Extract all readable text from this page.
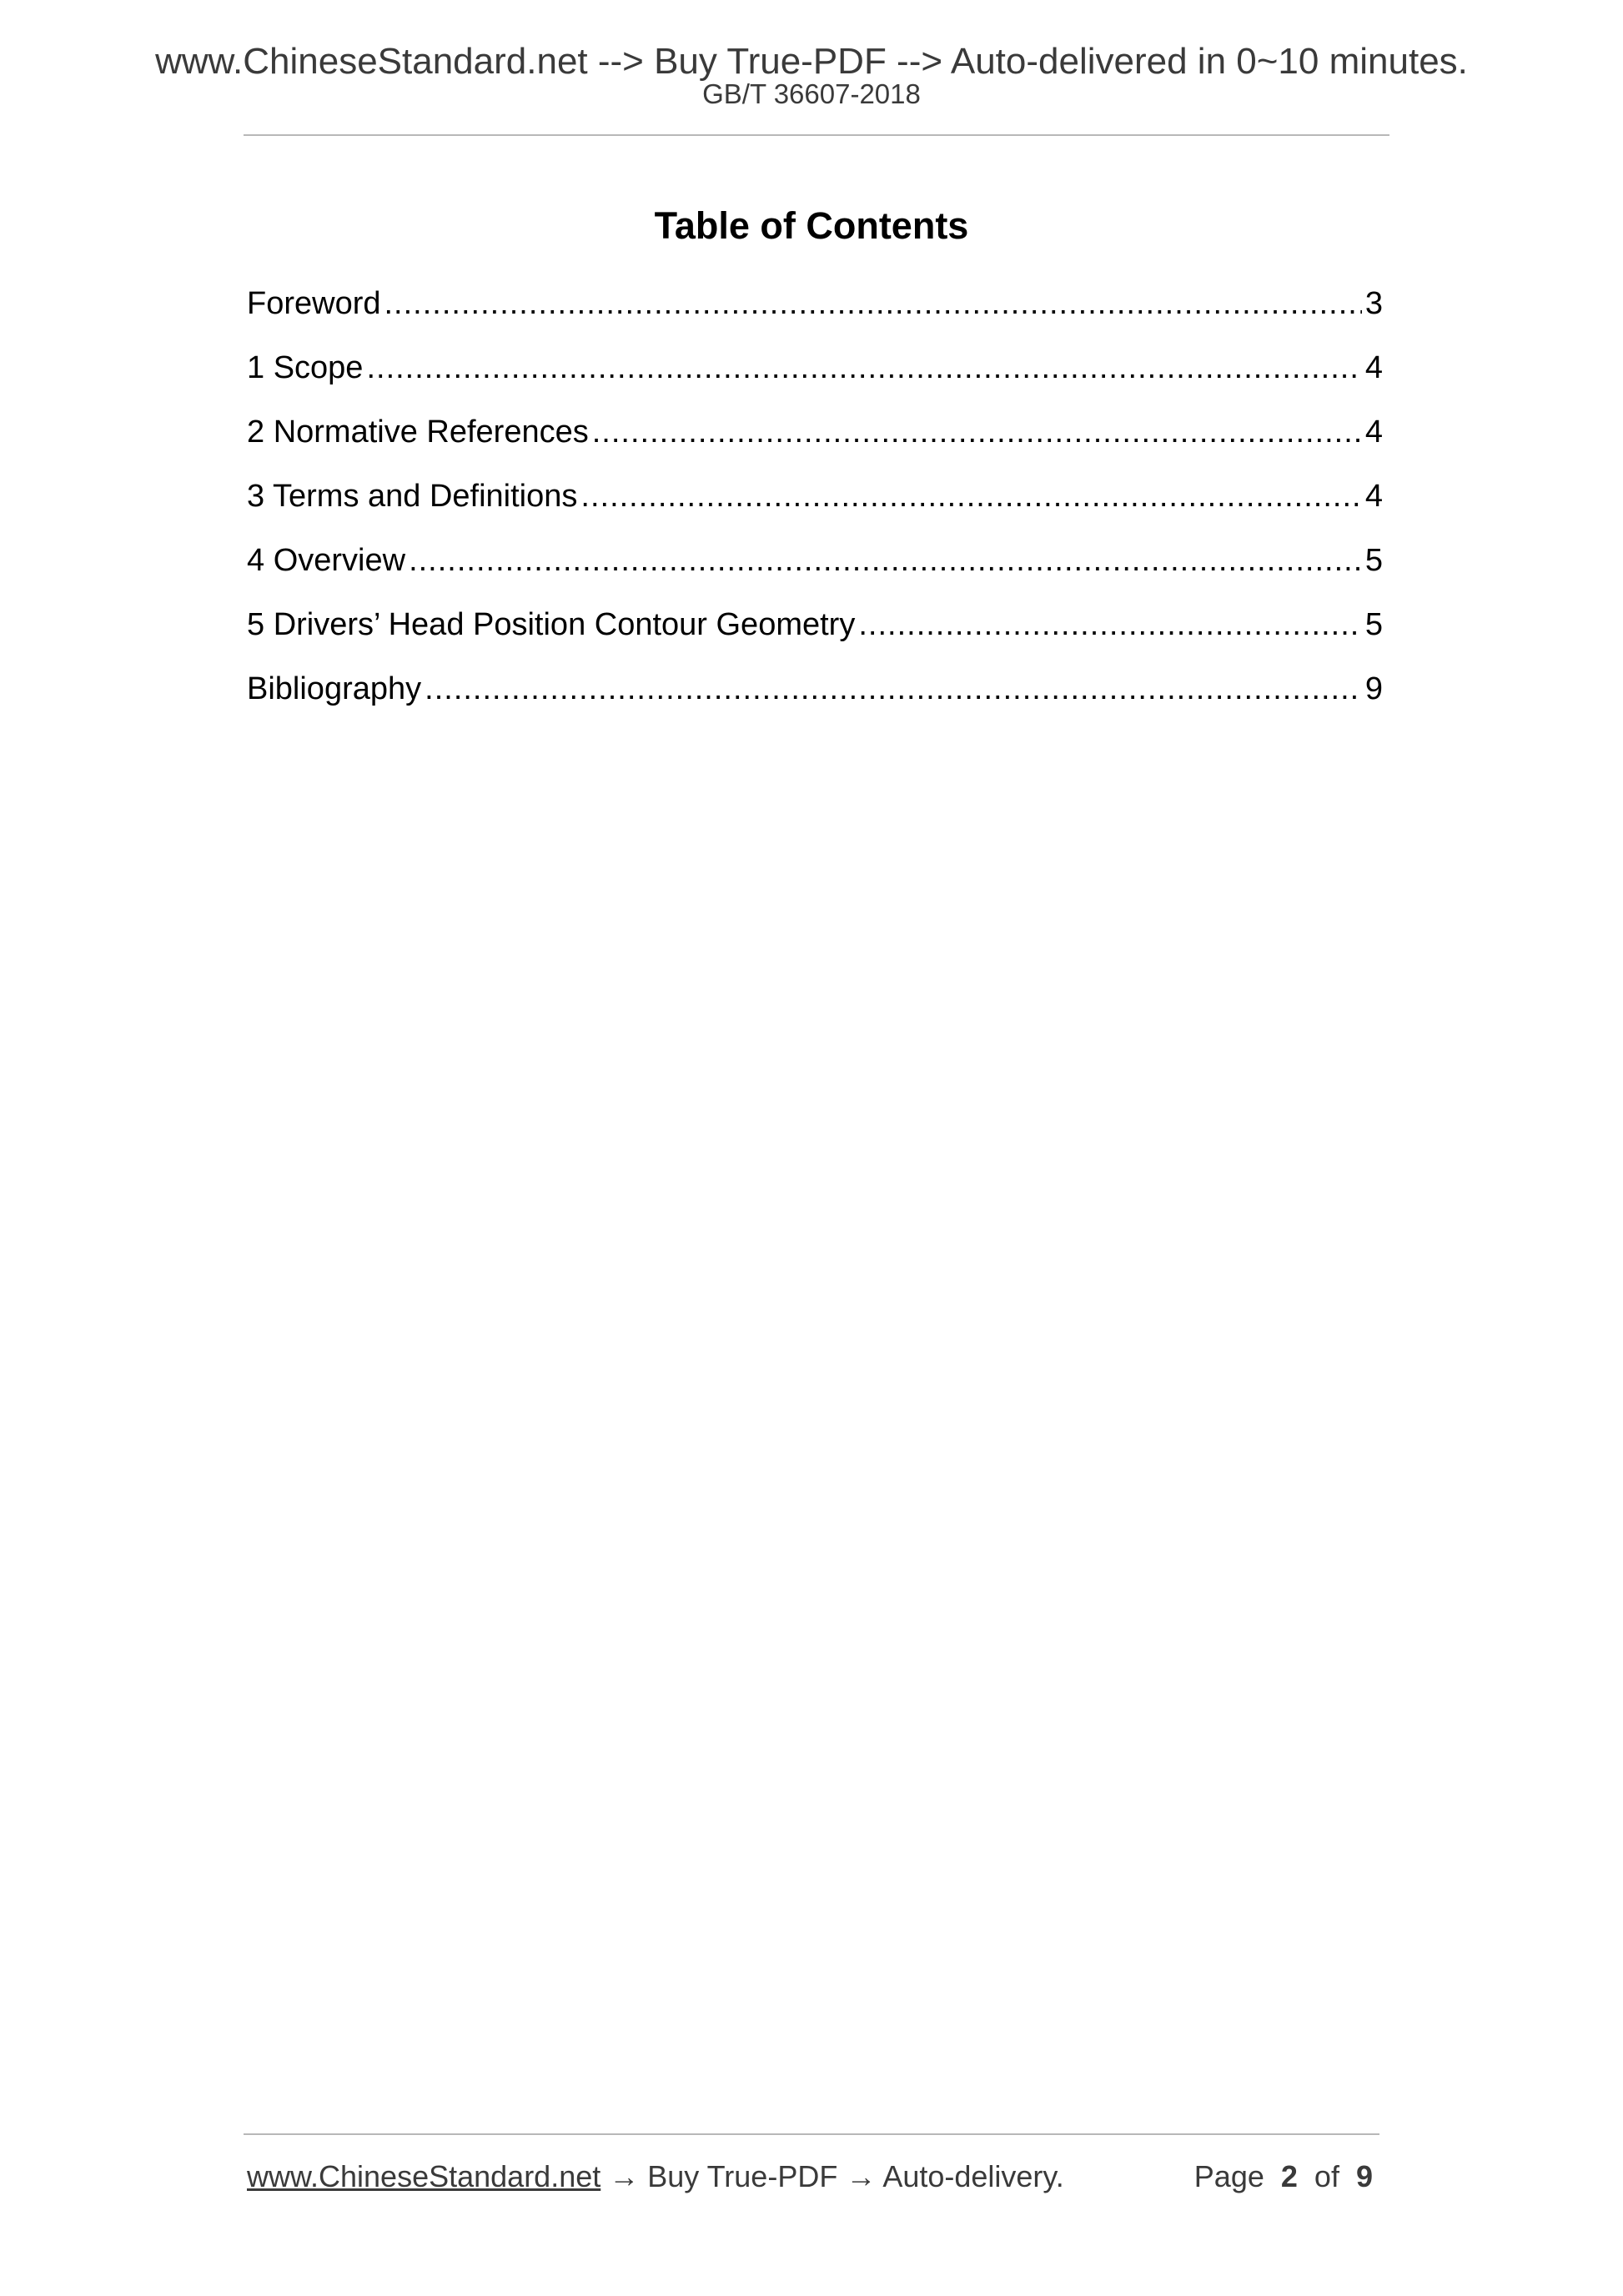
www.ChineseStandard.net --> Buy True-PDF --> Auto-delivered in 0~10 minutes.
GB/T 36607-2018
Table of Contents
Foreword .....	3
1 Scope .....	4
2 Normative References .....	4
3 Terms and Definitions .....	4
4 Overview .....	5
5 Drivers’ Head Position Contour Geometry .....	5
Bibliography .....	9
www.ChineseStandard.net → Buy True-PDF → Auto-delivery.	Page 2 of 9
